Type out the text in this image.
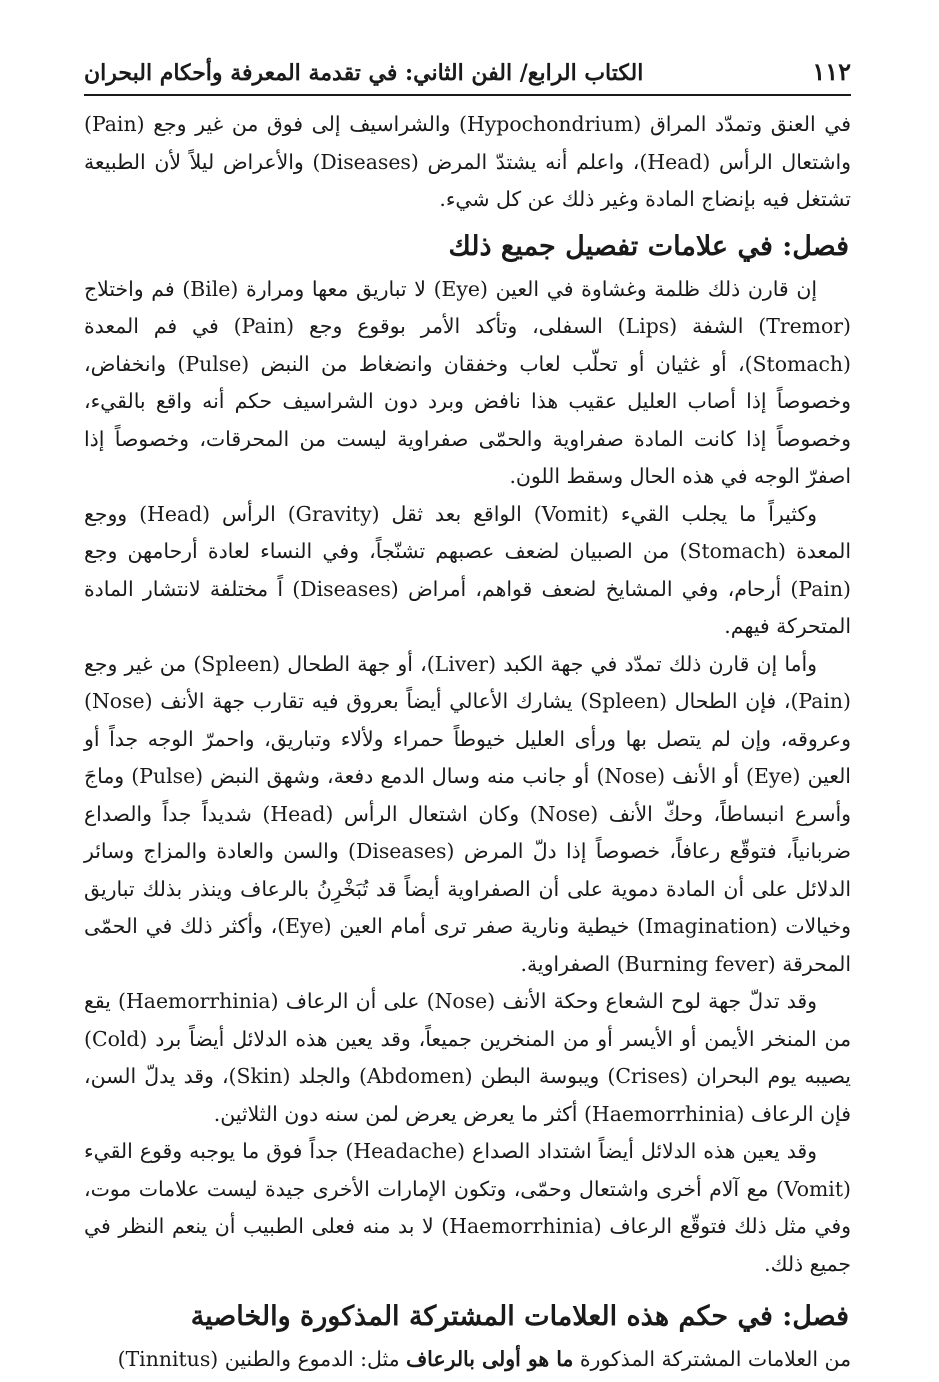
١١٢
الكتاب الرابع/ الفن الثاني: في تقدمة المعرفة وأحكام البحران

في العنق وتمدّد المراق (Hypochondrium) والشراسيف إلى فوق من غير وجع (Pain) واشتعال الرأس (Head)، واعلم أنه يشتدّ المرض (Diseases) والأعراض ليلاً لأن الطبيعة تشتغل فيه بإنضاج المادة وغير ذلك عن كل شيء.

فصل: في علامات تفصيل جميع ذلك

إن قارن ذلك ظلمة وغشاوة في العين (Eye) لا تباريق معها ومرارة (Bile) فم واختلاج (Tremor) الشفة (Lips) السفلى، وتأكد الأمر بوقوع وجع (Pain) في فم المعدة (Stomach)، أو غثيان أو تحلّب لعاب وخفقان وانضغاط من النبض (Pulse) وانخفاض، وخصوصاً إذا أصاب العليل عقيب هذا نافض وبرد دون الشراسيف حكم أنه واقع بالقيء، وخصوصاً إذا كانت المادة صفراوية والحمّى صفراوية ليست من المحرقات، وخصوصاً إذا اصفرّ الوجه في هذه الحال وسقط اللون.

وكثيراً ما يجلب القيء (Vomit) الواقع بعد ثقل (Gravity) الرأس (Head) ووجع المعدة (Stomach) من الصبيان لضعف عصبهم تشنّجاً، وفي النساء لعادة أرحامهن وجع (Pain) أرحام، وفي المشايخ لضعف قواهم، أمراض (Diseases) اً مختلفة لانتشار المادة المتحركة فيهم.

وأما إن قارن ذلك تمدّد في جهة الكبد (Liver)، أو جهة الطحال (Spleen) من غير وجع (Pain)، فإن الطحال (Spleen) يشارك الأعالي أيضاً بعروق فيه تقارب جهة الأنف (Nose) وعروقه، وإن لم يتصل بها ورأى العليل خيوطاً حمراء ولألاء وتباريق، واحمرّ الوجه جداً أو العين (Eye) أو الأنف (Nose) أو جانب منه وسال الدمع دفعة، وشهق النبض (Pulse) وماجَ وأسرع انبساطاً، وحكّ الأنف (Nose) وكان اشتعال الرأس (Head) شديداً جداً والصداع ضربانياً، فتوقّع رعافاً، خصوصاً إذا دلّ المرض (Diseases) والسن والعادة والمزاج وسائر الدلائل على أن المادة دموية على أن الصفراوية أيضاً قد تُبَخْرِنُ بالرعاف وينذر بذلك تباريق وخيالات (Imagination) خيطية ونارية صفر ترى أمام العين (Eye)، وأكثر ذلك في الحمّى المحرقة (Burning fever) الصفراوية.

وقد تدلّ جهة لوح الشعاع وحكة الأنف (Nose) على أن الرعاف (Haemorrhinia) يقع من المنخر الأيمن أو الأيسر أو من المنخرين جميعاً، وقد يعين هذه الدلائل أيضاً برد (Cold) يصيبه يوم البحران (Crises) ويبوسة البطن (Abdomen) والجلد (Skin)، وقد يدلّ السن، فإن الرعاف (Haemorrhinia) أكثر ما يعرض يعرض لمن سنه دون الثلاثين.

وقد يعين هذه الدلائل أيضاً اشتداد الصداع (Headache) جداً فوق ما يوجبه وقوع القيء (Vomit) مع آلام أخرى واشتعال وحمّى، وتكون الإمارات الأخرى جيدة ليست علامات موت، وفي مثل ذلك فتوقّع الرعاف (Haemorrhinia) لا بد منه فعلى الطبيب أن ينعم النظر في جميع ذلك.

فصل: في حكم هذه العلامات المشتركة المذكورة والخاصية

من العلامات المشتركة المذكورة ما هو أولى بالرعاف مثل: الدموع والطنين (Tinnitus)
